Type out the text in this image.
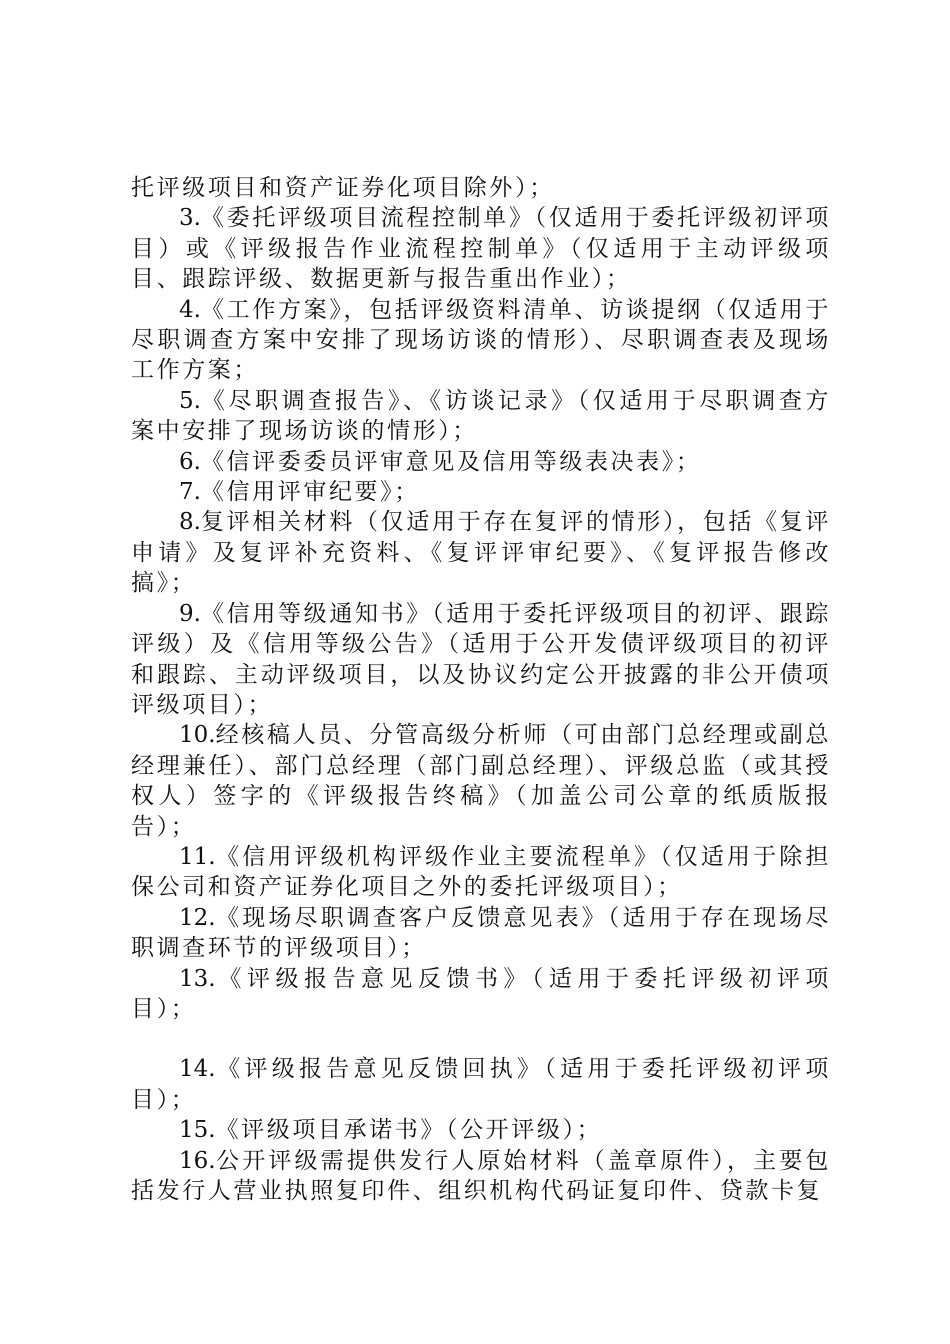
托评级项目和资产证券化项目除外）；

3.《委托评级项目流程控制单》（仅适用于委托评级初评项目）或《评级报告作业流程控制单》（仅适用于主动评级项目、跟踪评级、数据更新与报告重出作业）；

4.《工作方案》，包括评级资料清单、访谈提纲（仅适用于尽职调查方案中安排了现场访谈的情形）、尽职调查表及现场工作方案；

5.《尽职调查报告》、《访谈记录》（仅适用于尽职调查方案中安排了现场访谈的情形）；

6.《信评委委员评审意见及信用等级表决表》；

7.《信用评审纪要》；

8.复评相关材料（仅适用于存在复评的情形），包括《复评申请》及复评补充资料、《复评评审纪要》、《复评报告修改搞》；

9.《信用等级通知书》（适用于委托评级项目的初评、跟踪评级）及《信用等级公告》（适用于公开发债评级项目的初评和跟踪、主动评级项目，以及协议约定公开披露的非公开债项评级项目）；

10.经核稿人员、分管高级分析师（可由部门总经理或副总经理兼任）、部门总经理（部门副总经理）、评级总监（或其授权人）签字的《评级报告终稿》（加盖公司公章的纸质版报告）；

11.《信用评级机构评级作业主要流程单》（仅适用于除担保公司和资产证券化项目之外的委托评级项目）；

12.《现场尽职调查客户反馈意见表》（适用于存在现场尽职调查环节的评级项目）；

13.《评级报告意见反馈书》（适用于委托评级初评项目）；

14.《评级报告意见反馈回执》（适用于委托评级初评项目）；

15.《评级项目承诺书》（公开评级）；

16.公开评级需提供发行人原始材料（盖章原件），主要包括发行人营业执照复印件、组织机构代码证复印件、贷款卡复
